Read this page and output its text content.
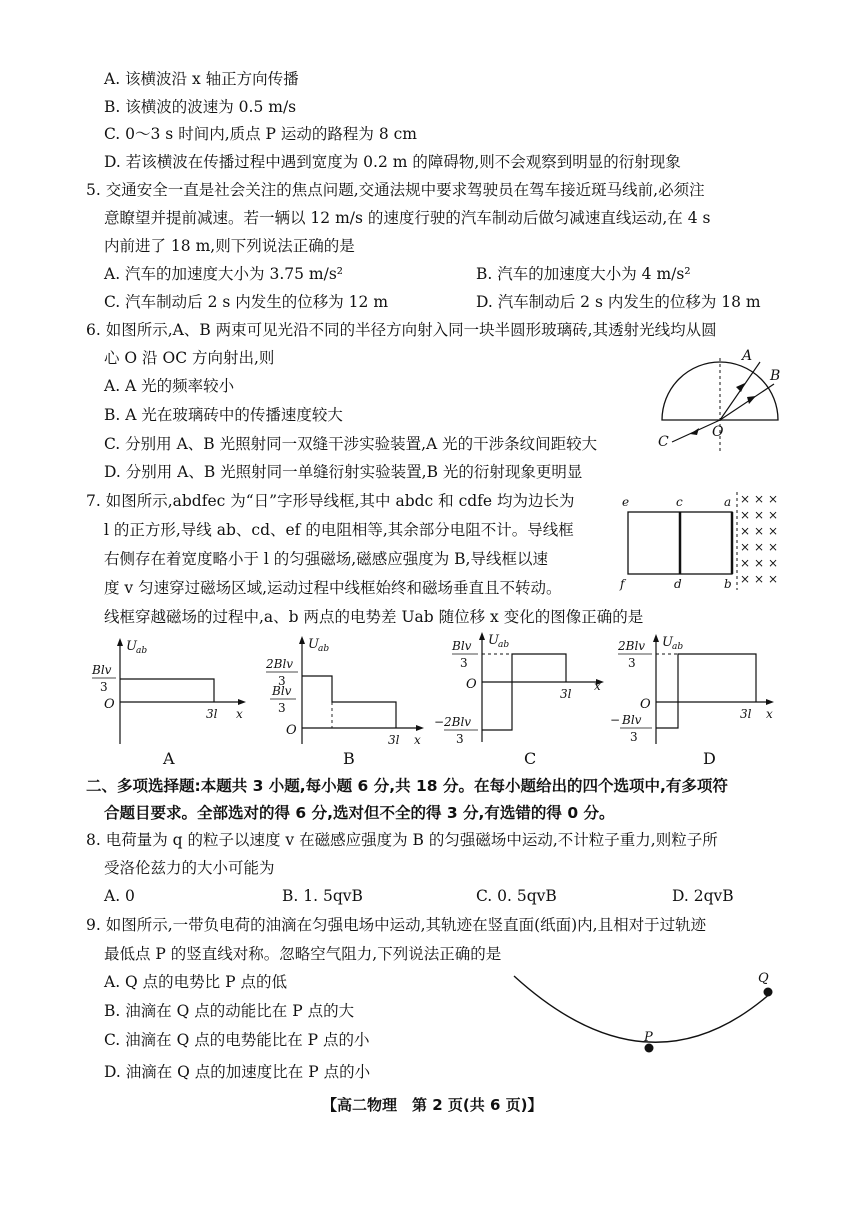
A. 该横波沿 x 轴正方向传播
B. 该横波的波速为 0.5 m/s
C. 0～3 s 时间内,质点 P 运动的路程为 8 cm
D. 若该横波在传播过程中遇到宽度为 0.2 m 的障碍物,则不会观察到明显的衍射现象
5. 交通安全一直是社会关注的焦点问题,交通法规中要求驾驶员在驾车接近斑马线前,必须注
意瞭望并提前减速。若一辆以 12 m/s 的速度行驶的汽车制动后做匀减速直线运动,在 4 s
内前进了 18 m,则下列说法正确的是
A. 汽车的加速度大小为 3.75 m/s²	B. 汽车的加速度大小为 4 m/s²
C. 汽车制动后 2 s 内发生的位移为 12 m	D. 汽车制动后 2 s 内发生的位移为 18 m
6. 如图所示,A、B 两束可见光沿不同的半径方向射入同一块半圆形玻璃砖,其透射光线均从圆
心 O 沿 OC 方向射出,则
A. A 光的频率较小
B. A 光在玻璃砖中的传播速度较大
C. 分别用 A、B 光照射同一双缝干涉实验装置,A 光的干涉条纹间距较大
D. 分别用 A、B 光照射同一单缝衍射实验装置,B 光的衍射现象更明显
A
B
C
O
7. 如图所示,abdfec 为“日”字形导线框,其中 abdc 和 cdfe 均为边长为
l 的正方形,导线 ab、cd、ef 的电阻相等,其余部分电阻不计。导线框
右侧存在着宽度略小于 l 的匀强磁场,磁感应强度为 B,导线框以速
度 v 匀速穿过磁场区域,运动过程中线框始终和磁场垂直且不转动。
线框穿越磁场的过程中,a、b 两点的电势差 Uab 随位移 x 变化的图像正确的是
e	c	a
f	d	b
× × ×
× × ×
× × ×
× × ×
× × ×
× × ×
U ab
Blv
3
O
3l x
A
U ab
2Blv
3
Blv
3
O
3l x
B
U ab
Blv
3
O
3l
x
− 2Blv
3
C
U ab
2Blv
3
O
3l x
− Blv
3
D
二、多项选择题:本题共 3 小题,每小题 6 分,共 18 分。在每小题给出的四个选项中,有多项符
合题目要求。全部选对的得 6 分,选对但不全的得 3 分,有选错的得 0 分。
8. 电荷量为 q 的粒子以速度 v 在磁感应强度为 B 的匀强磁场中运动,不计粒子重力,则粒子所
受洛伦兹力的大小可能为
A. 0	B. 1. 5qvB	C. 0. 5qvB	D. 2qvB
9. 如图所示,一带负电荷的油滴在匀强电场中运动,其轨迹在竖直面(纸面)内,且相对于过轨迹
最低点 P 的竖直线对称。忽略空气阻力,下列说法正确的是
A. Q 点的电势比 P 点的低
B. 油滴在 Q 点的动能比在 P 点的大
C. 油滴在 Q 点的电势能比在 P 点的小
D. 油滴在 Q 点的加速度比在 P 点的小
P
Q
【高二物理　第 2 页(共 6 页)】
